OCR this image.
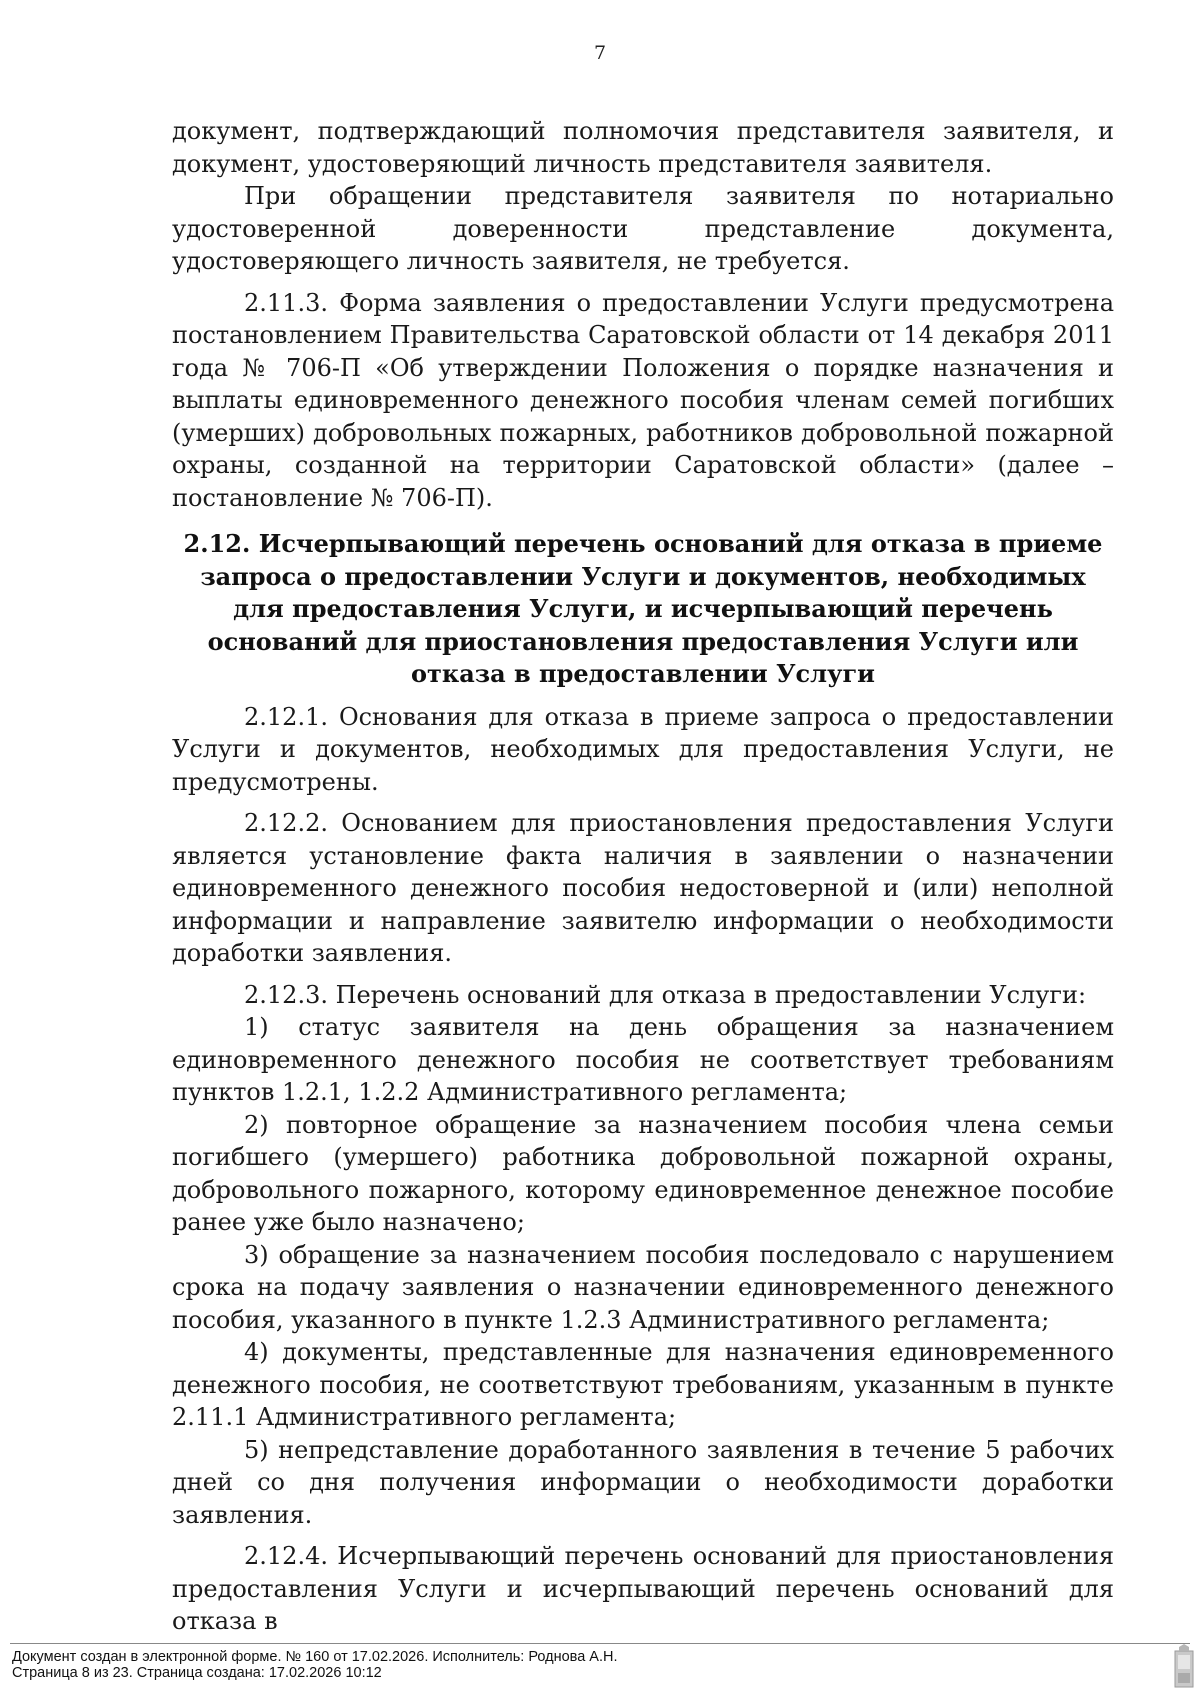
7

документ, подтверждающий полномочия представителя заявителя, и документ, удостоверяющий личность представителя заявителя.

При обращении представителя заявителя по нотариально удостоверенной доверенности представление документа, удостоверяющего личность заявителя, не требуется.

2.11.3. Форма заявления о предоставлении Услуги предусмотрена постановлением Правительства Саратовской области от 14 декабря 2011 года № 706-П «Об утверждении Положения о порядке назначения и выплаты единовременного денежного пособия членам семей погибших (умерших) добровольных пожарных, работников добровольной пожарной охраны, созданной на территории Саратовской области» (далее – постановление № 706-П).

2.12. Исчерпывающий перечень оснований для отказа в приеме запроса о предоставлении Услуги и документов, необходимых для предоставления Услуги, и исчерпывающий перечень оснований для приостановления предоставления Услуги или отказа в предоставлении Услуги

2.12.1. Основания для отказа в приеме запроса о предоставлении Услуги и документов, необходимых для предоставления Услуги, не предусмотрены.

2.12.2. Основанием для приостановления предоставления Услуги является установление факта наличия в заявлении о назначении единовременного денежного пособия недостоверной и (или) неполной информации и направление заявителю информации о необходимости доработки заявления.

2.12.3. Перечень оснований для отказа в предоставлении Услуги:

1) статус заявителя на день обращения за назначением единовременного денежного пособия не соответствует требованиям пунктов 1.2.1, 1.2.2 Административного регламента;

2) повторное обращение за назначением пособия члена семьи погибшего (умершего) работника добровольной пожарной охраны, добровольного пожарного, которому единовременное денежное пособие ранее уже было назначено;

3) обращение за назначением пособия последовало с нарушением срока на подачу заявления о назначении единовременного денежного пособия, указанного в пункте 1.2.3 Административного регламента;

4) документы, представленные для назначения единовременного денежного пособия, не соответствуют требованиям, указанным в пункте 2.11.1 Административного регламента;

5) непредставление доработанного заявления в течение 5 рабочих дней со дня получения информации о необходимости доработки заявления.

2.12.4. Исчерпывающий перечень оснований для приостановления предоставления Услуги и исчерпывающий перечень оснований для отказа в

Документ создан в электронной форме. № 160 от 17.02.2026. Исполнитель: Роднова А.Н.
Страница 8 из 23. Страница создана: 17.02.2026 10:12
